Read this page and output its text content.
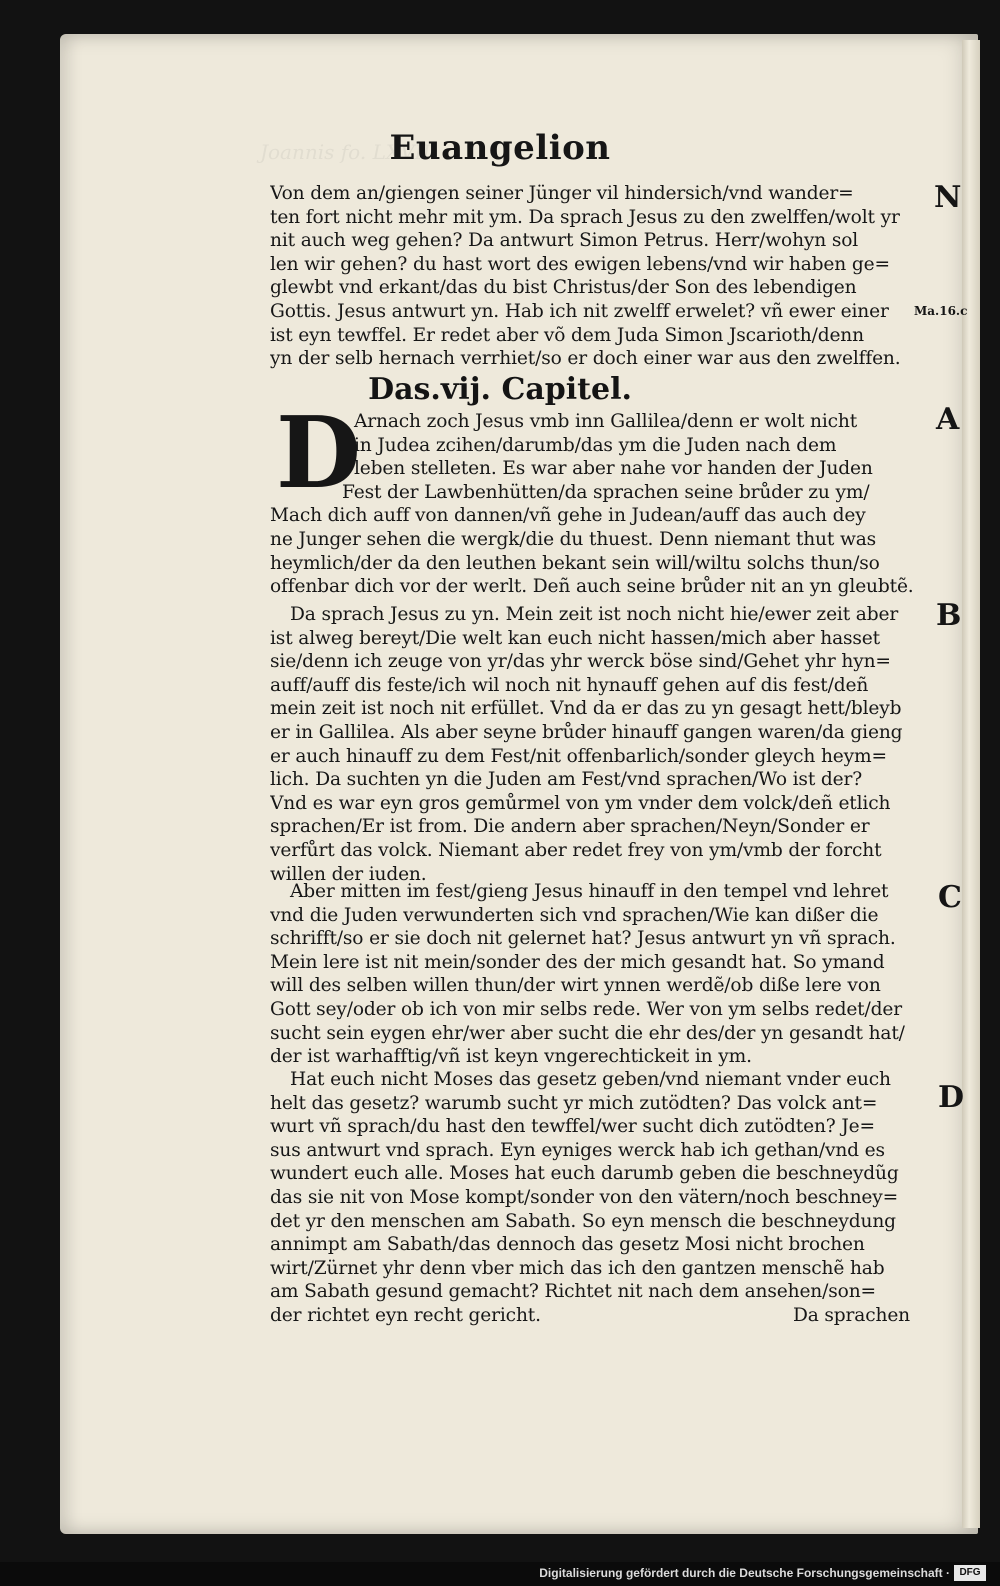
Joannis fo. LXVII
Euangelion
Von dem an/giengen seiner Jünger vil hindersich/vnd wander=
ten fort nicht mehr mit ym. Da sprach Jesus zu den zwelffen/wolt yr
nit auch weg gehen? Da antwurt Simon Petrus. Herr/wohyn sol
len wir gehen? du hast wort des ewigen lebens/vnd wir haben ge=
glewbt vnd erkant/das du bist Christus/der Son des lebendigen
Gottis. Jesus antwurt yn. Hab ich nit zwelff erwelet? vñ ewer einer
ist eyn tewffel. Er redet aber võ dem Juda Simon Jscarioth/denn
yn der selb hernach verrhiet/so er doch einer war aus den zwelffen.
Das.vij. Capitel.
D
Arnach zoch Jesus vmb inn Gallilea/denn er wolt nicht
in Judea zcihen/darumb/das ym die Juden nach dem
leben stelleten. Es war aber nahe vor handen der Juden
Fest der Lawbenhütten/da sprachen seine brůder zu ym/
Mach dich auff von dannen/vñ gehe in Judean/auff das auch dey
ne Junger sehen die wergk/die du thuest. Denn niemant thut was
heymlich/der da den leuthen bekant sein will/wiltu solchs thun/so
offenbar dich vor der werlt. Deñ auch seine brůder nit an yn gleubtẽ.
Da sprach Jesus zu yn. Mein zeit ist noch nicht hie/ewer zeit aber
ist alweg bereyt/Die welt kan euch nicht hassen/mich aber hasset
sie/denn ich zeuge von yr/das yhr werck böse sind/Gehet yhr hyn=
auff/auff dis feste/ich wil noch nit hynauff gehen auf dis fest/deñ
mein zeit ist noch nit erfüllet. Vnd da er das zu yn gesagt hett/bleyb
er in Gallilea. Als aber seyne brůder hinauff gangen waren/da gieng
er auch hinauff zu dem Fest/nit offenbarlich/sonder gleych heym=
lich. Da suchten yn die Juden am Fest/vnd sprachen/Wo ist der?
Vnd es war eyn gros gemůrmel von ym vnder dem volck/deñ etlich
sprachen/Er ist from. Die andern aber sprachen/Neyn/Sonder er
verfůrt das volck. Niemant aber redet frey von ym/vmb der forcht
willen der iuden.
Aber mitten im fest/gieng Jesus hinauff in den tempel vnd lehret
vnd die Juden verwunderten sich vnd sprachen/Wie kan dißer die
schrifft/so er sie doch nit gelernet hat? Jesus antwurt yn vñ sprach.
Mein lere ist nit mein/sonder des der mich gesandt hat. So ymand
will des selben willen thun/der wirt ynnen werdẽ/ob diße lere von
Gott sey/oder ob ich von mir selbs rede. Wer von ym selbs redet/der
sucht sein eygen ehr/wer aber sucht die ehr des/der yn gesandt hat/
der ist warhafftig/vñ ist keyn vngerechtickeit in ym.
Hat euch nicht Moses das gesetz geben/vnd niemant vnder euch
helt das gesetz? warumb sucht yr mich zutödten? Das volck ant=
wurt vñ sprach/du hast den tewffel/wer sucht dich zutödten? Je=
sus antwurt vnd sprach. Eyn eyniges werck hab ich gethan/vnd es
wundert euch alle. Moses hat euch darumb geben die beschneydũg
das sie nit von Mose kompt/sonder von den vätern/noch beschney=
det yr den menschen am Sabath. So eyn mensch die beschneydung
annimpt am Sabath/das dennoch das gesetz Mosi nicht brochen
wirt/Zürnet yhr denn vber mich das ich den gantzen menschẽ hab
am Sabath gesund gemacht? Richtet nit nach dem ansehen/son=
der richtet eyn recht gericht.	Da sprachen
N
Ma.16.c
A
B
C
D
Digitalisierung gefördert durch die Deutsche Forschungsgemeinschaft · DFG
